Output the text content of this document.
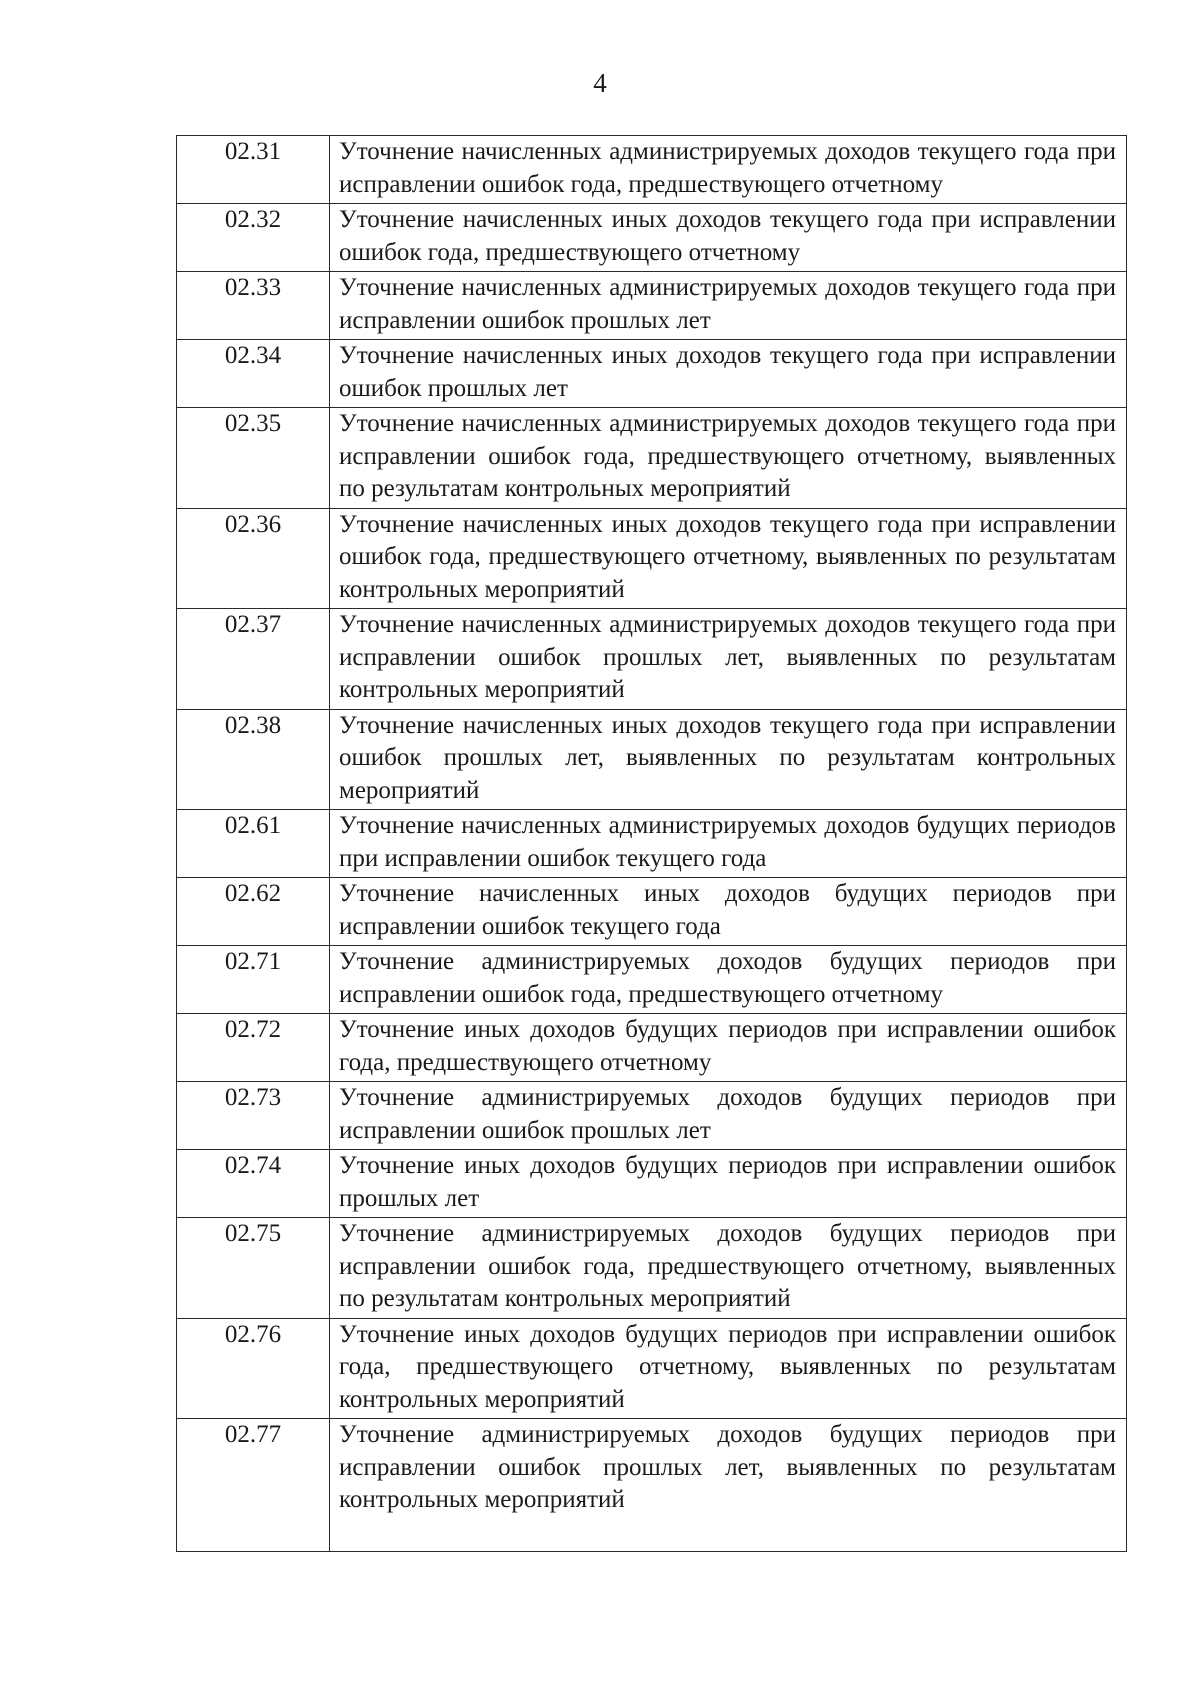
4
02.31	Уточнение начисленных администрируемых доходов текущего года при исправлении ошибок года, предшествующего отчетному
02.32	Уточнение начисленных иных доходов текущего года при исправлении ошибок года, предшествующего отчетному
02.33	Уточнение начисленных администрируемых доходов текущего года при исправлении ошибок прошлых лет
02.34	Уточнение начисленных иных доходов текущего года при исправлении ошибок прошлых лет
02.35	Уточнение начисленных администрируемых доходов текущего года при исправлении ошибок года, предшествующего отчетному, выявленных по результатам контрольных мероприятий
02.36	Уточнение начисленных иных доходов текущего года при исправлении ошибок года, предшествующего отчетному, выявленных по результатам контрольных мероприятий
02.37	Уточнение начисленных администрируемых доходов текущего года при исправлении ошибок прошлых лет, выявленных по результатам контрольных мероприятий
02.38	Уточнение начисленных иных доходов текущего года при исправлении ошибок прошлых лет, выявленных по результатам контрольных мероприятий
02.61	Уточнение начисленных администрируемых доходов будущих периодов при исправлении ошибок текущего года
02.62	Уточнение начисленных иных доходов будущих периодов при исправлении ошибок текущего года
02.71	Уточнение администрируемых доходов будущих периодов при исправлении ошибок года, предшествующего отчетному
02.72	Уточнение иных доходов будущих периодов при исправлении ошибок года, предшествующего отчетному
02.73	Уточнение администрируемых доходов будущих периодов при исправлении ошибок прошлых лет
02.74	Уточнение иных доходов будущих периодов при исправлении ошибок прошлых лет
02.75	Уточнение администрируемых доходов будущих периодов при исправлении ошибок года, предшествующего отчетному, выявленных по результатам контрольных мероприятий
02.76	Уточнение иных доходов будущих периодов при исправлении ошибок года, предшествующего отчетному, выявленных по результатам контрольных мероприятий
02.77	Уточнение администрируемых доходов будущих периодов при исправлении ошибок прошлых лет, выявленных по результатам контрольных мероприятий
